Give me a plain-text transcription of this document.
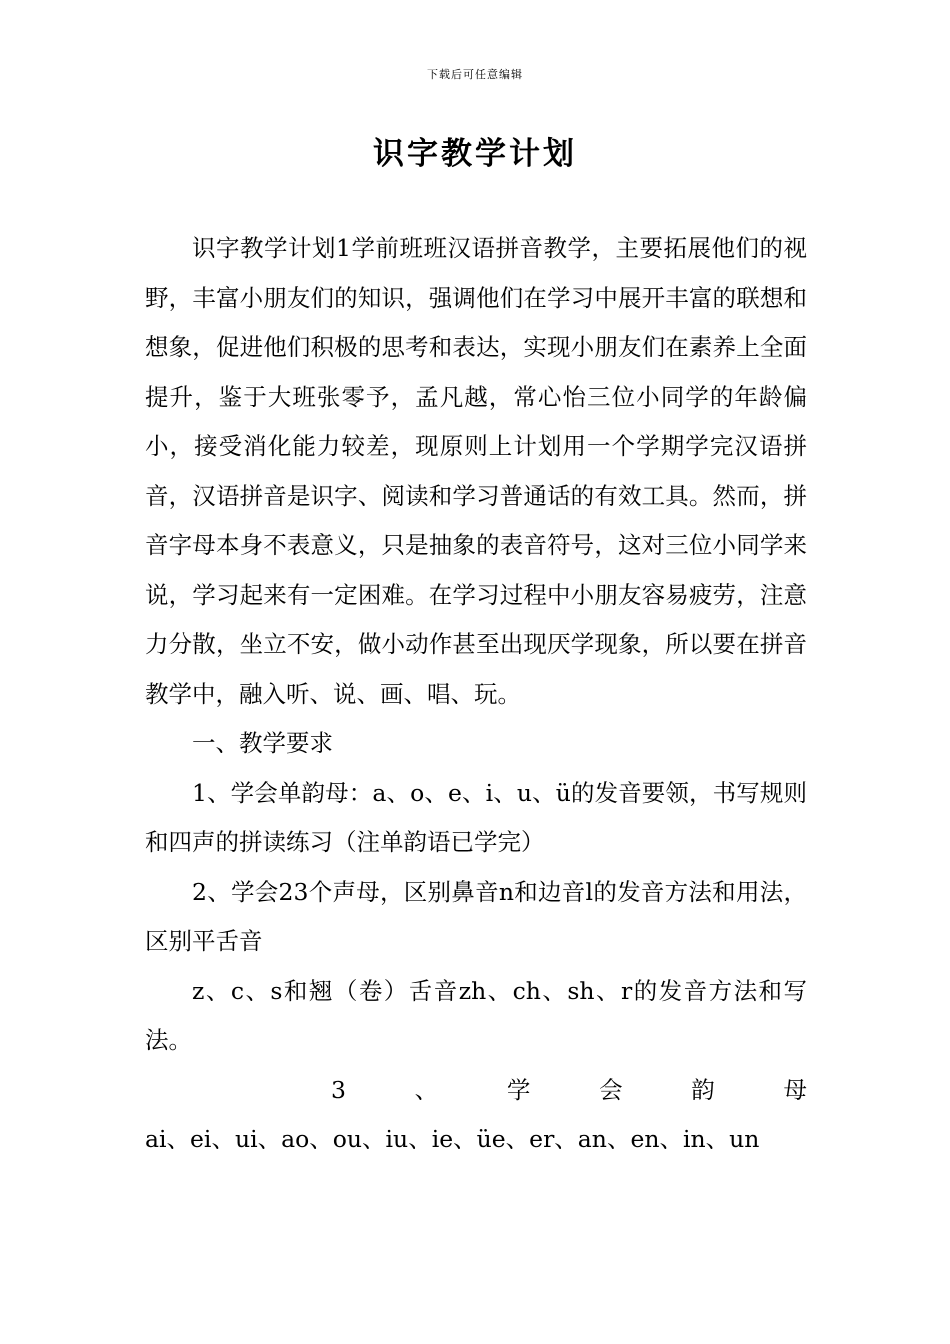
下载后可任意编辑
识字教学计划

识字教学计划1学前班班汉语拼音教学，主要拓展他们的视野，丰富小朋友们的知识，强调他们在学习中展开丰富的联想和想象，促进他们积极的思考和表达，实现小朋友们在素养上全面提升，鉴于大班张零予，孟凡越，常心怡三位小同学的年龄偏小，接受消化能力较差，现原则上计划用一个学期学完汉语拼音，汉语拼音是识字、阅读和学习普通话的有效工具。然而，拼音字母本身不表意义，只是抽象的表音符号，这对三位小同学来说，学习起来有一定困难。在学习过程中小朋友容易疲劳，注意力分散，坐立不安，做小动作甚至出现厌学现象，所以要在拼音教学中，融入听、说、画、唱、玩。

一、教学要求

1、学会单韵母：a、o、e、i、u、ü的发音要领，书写规则和四声的拼读练习（注单韵语已学完）

2、学会23个声母，区别鼻音n和边音l的发音方法和用法，区别平舌音

z、c、s和翘（卷）舌音zh、ch、sh、r的发音方法和写法。

3	、	学	会	韵	母

ai、ei、ui、ao、ou、iu、ie、üe、er、an、en、in、un
